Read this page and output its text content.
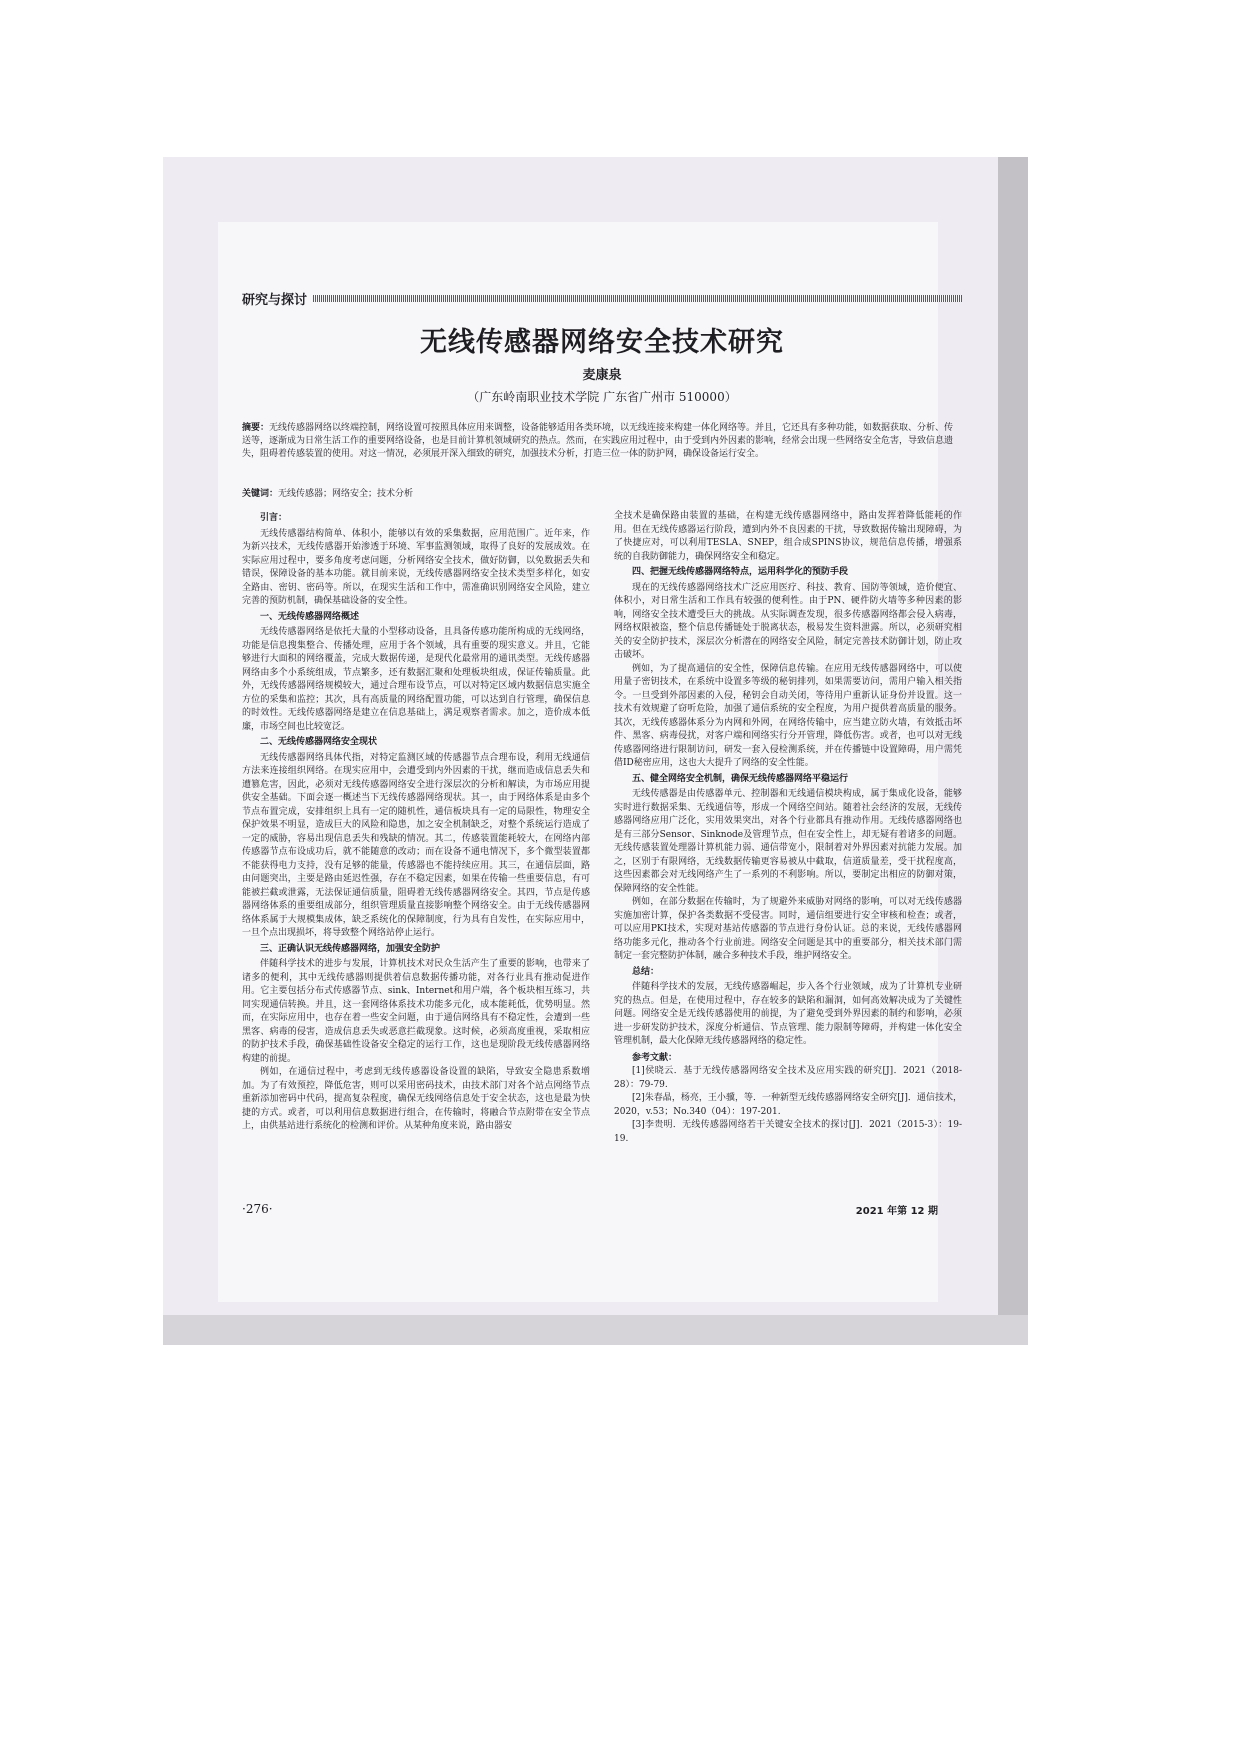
研究与探讨
无线传感器网络安全技术研究
麦康泉
（广东岭南职业技术学院 广东省广州市 510000）
摘要：无线传感器网络以终端控制，网络设置可按照具体应用来调整，设备能够适用各类环境，以无线连接来构建一体化网络等。并且，它还具有多种功能，如数据获取、分析、传送等，逐渐成为日常生活工作的重要网络设备，也是目前计算机领域研究的热点。然而，在实践应用过程中，由于受到内外因素的影响，经常会出现一些网络安全危害，导致信息遗失，阻碍着传感装置的使用。对这一情况，必须展开深入细致的研究，加强技术分析，打造三位一体的防护网，确保设备运行安全。
关键词：无线传感器；网络安全；技术分析
引言：

无线传感器结构简单、体积小，能够以有效的采集数据，应用范围广。近年来，作为新兴技术，无线传感器开始渗透于环境、军事监测领域，取得了良好的发展成效。在实际应用过程中，要多角度考虑问题，分析网络安全技术，做好防御，以免数据丢失和错误，保障设备的基本功能。就目前来说，无线传感器网络安全技术类型多样化，如安全路由、密钥、密码等。所以，在现实生活和工作中，需准确识别网络安全风险，建立完善的预防机制，确保基础设备的安全性。

一、无线传感器网络概述

无线传感器网络是依托大量的小型移动设备，且具备传感功能所构成的无线网络，功能是信息搜集整合、传播处理，应用于各个领域，具有重要的现实意义。并且，它能够进行大面积的网络覆盖，完成大数据传递，是现代化最常用的通讯类型。无线传感器网络由多个小系统组成，节点繁多，还有数据汇聚和处理板块组成，保证传输质量。此外，无线传感器网络规模较大，通过合理布设节点，可以对特定区域内数据信息实施全方位的采集和监控；其次，具有高质量的网络配置功能，可以达到自行管理，确保信息的时效性。无线传感器网络是建立在信息基础上，满足观察者需求。加之，造价成本低廉，市场空间也比较宽泛。

二、无线传感器网络安全现状

无线传感器网络具体代指，对特定监测区域的传感器节点合理布设，利用无线通信方法来连接组织网络。在现实应用中，会遭受到内外因素的干扰，继而造成信息丢失和遭篡危害，因此，必须对无线传感器网络安全进行深层次的分析和解读，为市场应用提供安全基础。下面会逐一概述当下无线传感器网络现状。其一，由于网络体系是由多个节点布置完成，安排组织上具有一定的随机性，通信板块具有一定的局限性，物理安全保护效果不明显，造成巨大的风险和隐患，加之安全机制缺乏，对整个系统运行造成了一定的威胁，容易出现信息丢失和残缺的情况。其二，传感装置能耗较大，在网络内部传感器节点布设成功后，就不能随意的改动；而在设备不通电情况下，多个微型装置都不能获得电力支持，没有足够的能量，传感器也不能持续应用。其三，在通信层面，路由问题突出，主要是路由延迟性强，存在不稳定因素，如果在传输一些重要信息，有可能被拦截或泄露，无法保证通信质量，阻碍着无线传感器网络安全。其四，节点是传感器网络体系的重要组成部分，组织管理质量直接影响整个网络安全。由于无线传感器网络体系属于大规模集成体，缺乏系统化的保障制度，行为具有自发性，在实际应用中，一旦个点出现损坏，将导致整个网络站停止运行。

三、正确认识无线传感器网络，加强安全防护

伴随科学技术的进步与发展，计算机技术对民众生活产生了重要的影响，也带来了诸多的便利，其中无线传感器则提供着信息数据传播功能，对各行业具有推动促进作用。它主要包括分布式传感器节点、sink、Internet和用户端，各个板块相互练习，共同实现通信转换。并且，这一套网络体系技术功能多元化，成本能耗低，优势明显。然而，在实际应用中，也存在着一些安全问题，由于通信网络具有不稳定性，会遭到一些黑客、病毒的侵害，造成信息丢失或恶意拦截现象。这时候，必须高度重视，采取相应的防护技术手段，确保基础性设备安全稳定的运行工作，这也是现阶段无线传感器网络构建的前提。

例如，在通信过程中，考虑到无线传感器设备设置的缺陷，导致安全隐患系数增加。为了有效预控，降低危害，则可以采用密码技术，由技术部门对各个站点网络节点重新添加密码中代码，提高复杂程度，确保无线网络信息处于安全状态，这也是最为快捷的方式。或者，可以利用信息数据进行组合，在传输时，将融合节点附带在安全节点上，由供基站进行系统化的检测和评价。从某种角度来说，路由器安

全技术是确保路由装置的基础，在构建无线传感器网络中，路由发挥着降低能耗的作用。但在无线传感器运行阶段，遭到内外不良因素的干扰，导致数据传输出现障碍，为了快捷应对，可以利用TESLA、SNEP，组合成SPINS协议，规范信息传播，增强系统的自我防御能力，确保网络安全和稳定。

四、把握无线传感器网络特点，运用科学化的预防手段

现在的无线传感器网络技术广泛应用医疗、科技、教育、国防等领域，造价便宜、体积小，对日常生活和工作具有较强的便利性。由于PN、硬件防火墙等多种因素的影响，网络安全技术遭受巨大的挑战。从实际调查发现，很多传感器网络都会侵入病毒，网络权限被盗，整个信息传播链处于脱离状态，极易发生资料泄露。所以，必须研究相关的安全防护技术，深层次分析潜在的网络安全风险，制定完善技术防御计划，防止攻击破坏。

例如，为了提高通信的安全性，保障信息传输。在应用无线传感器网络中，可以使用量子密钥技术，在系统中设置多等级的秘钥排列，如果需要访问，需用户输入相关指令。一旦受到外部因素的入侵，秘钥会自动关闭，等待用户重新认证身份并设置。这一技术有效规避了窃听危险，加强了通信系统的安全程度，为用户提供着高质量的服务。其次，无线传感器体系分为内网和外网，在网络传输中，应当建立防火墙，有效抵击坏件、黑客、病毒侵扰，对客户端和网络实行分开管理，降低伤害。或者，也可以对无线传感器网络进行限制访问，研发一套入侵检测系统，并在传播链中设置障碍，用户需凭借ID秘密应用，这也大大提升了网络的安全性能。

五、健全网络安全机制，确保无线传感器网络平稳运行

无线传感器是由传感器单元、控制器和无线通信模块构成，属于集成化设备，能够实时进行数据采集、无线通信等，形成一个网络空间站。随着社会经济的发展，无线传感器网络应用广泛化，实用效果突出，对各个行业都具有推动作用。无线传感器网络也是有三部分Sensor、Sinknode及管理节点，但在安全性上，却无疑有着诸多的问题。无线传感装置处理器计算机能力弱、通信带宽小，限制着对外界因素对抗能力发展。加之，区别于有限网络，无线数据传输更容易被从中截取，信道质量差，受干扰程度高，这些因素都会对无线网络产生了一系列的不利影响。所以，要制定出相应的防御对策，保障网络的安全性能。

例如，在部分数据在传输时，为了规避外来威胁对网络的影响，可以对无线传感器实施加密计算，保护各类数据不受侵害。同时，通信组要进行安全审核和检查；或者，可以应用PKI技术，实现对基站传感器的节点进行身份认证。总的来说，无线传感器网络功能多元化，推动各个行业前进。网络安全问题是其中的重要部分，相关技术部门需制定一套完整防护体制，融合多种技术手段，维护网络安全。

总结：

伴随科学技术的发展，无线传感器崛起，步入各个行业领域，成为了计算机专业研究的热点。但是，在使用过程中，存在较多的缺陷和漏洞，如何高效解决成为了关键性问题。网络安全是无线传感器使用的前提，为了避免受到外界因素的制约和影响，必须进一步研发防护技术，深度分析通信、节点管理、能力限制等障碍，并构建一体化安全管理机制，最大化保障无线传感器网络的稳定性。

参考文献：

[1]侯晓云．基于无线传感器网络安全技术及应用实践的研究[J]．2021（2018-28）：79-79.

[2]朱春晶，杨亮，王小骥，等．一种新型无线传感器网络安全研究[J]．通信技术，2020，v.53；No.340（04）：197-201.

[3]李贵明．无线传感器网络若干关键安全技术的探讨[J]．2021（2015-3）：19-19.

·276·	2021 年第 12 期
